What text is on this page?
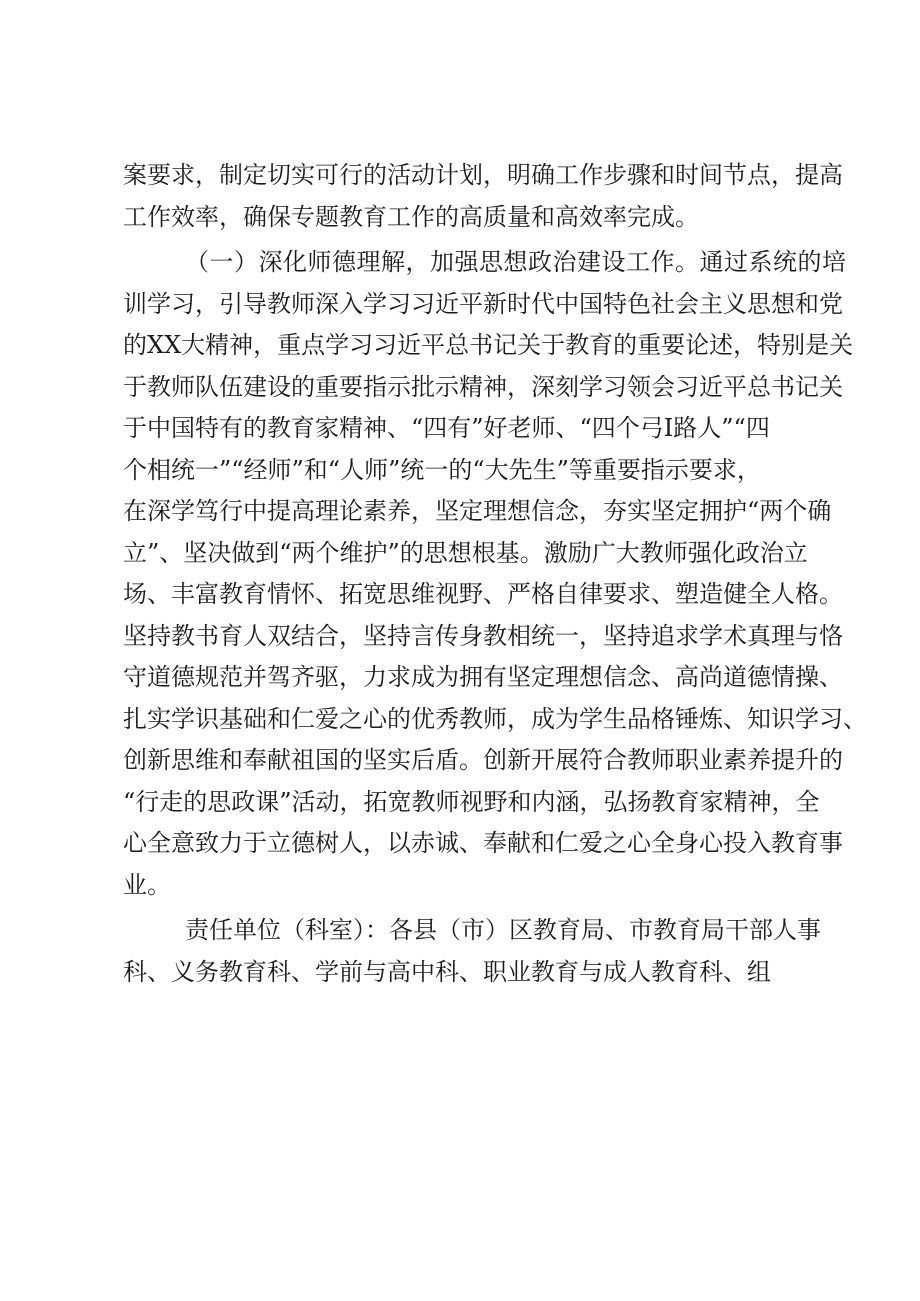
案要求，制定切实可行的活动计划，明确工作步骤和时间节点，提高
工作效率，确保专题教育工作的高质量和高效率完成。
（一）深化师德理解，加强思想政治建设工作。通过系统的培
训学习，引导教师深入学习习近平新时代中国特色社会主义思想和党
的XX大精神，重点学习习近平总书记关于教育的重要论述，特别是关
于教师队伍建设的重要指示批示精神，深刻学习领会习近平总书记关
于中国特有的教育家精神、“四有”好老师、“四个弓I路人”“四
个相统一”“经师”和“人师”统一的“大先生”等重要指示要求，
在深学笃行中提高理论素养，坚定理想信念，夯实坚定拥护“两个确
立”、坚决做到“两个维护”的思想根基。激励广大教师强化政治立
场、丰富教育情怀、拓宽思维视野、严格自律要求、塑造健全人格。
坚持教书育人双结合，坚持言传身教相统一，坚持追求学术真理与恪
守道德规范并驾齐驱，力求成为拥有坚定理想信念、高尚道德情操、
扎实学识基础和仁爱之心的优秀教师，成为学生品格锤炼、知识学习、
创新思维和奉献祖国的坚实后盾。创新开展符合教师职业素养提升的
“行走的思政课”活动，拓宽教师视野和内涵，弘扬教育家精神，全
心全意致力于立德树人，以赤诚、奉献和仁爱之心全身心投入教育事
业。
责任单位（科室）：各县（市）区教育局、市教育局干部人事
科、义务教育科、学前与高中科、职业教育与成人教育科、组
